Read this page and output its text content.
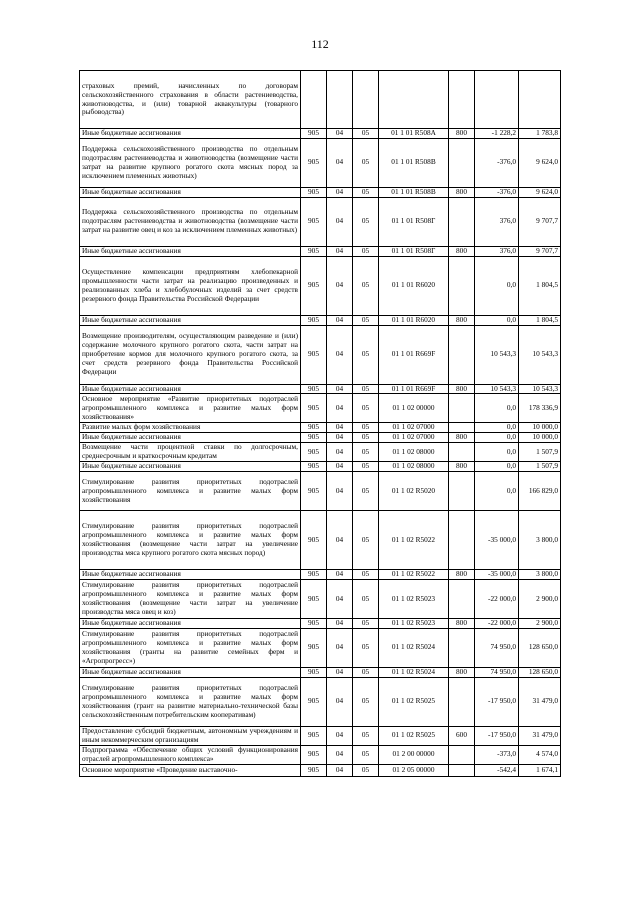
112
страховых премий, начисленных по договорам сельскохозяйственного страхования в области растениеводства, животноводства, и (или) товарной аквакультуры (товарного рыбоводства)							
Иные бюджетные ассигнования	905	04	05	01 1 01 R508А	800	-1 228,2	1 783,8
Поддержка сельскохозяйственного производства по отдельным подотраслям растениеводства и животноводства (возмещение части затрат на развитие крупного рогатого скота мясных пород за исключением племенных животных)	905	04	05	01 1 01 R508В		-376,0	9 624,0
Иные бюджетные ассигнования	905	04	05	01 1 01 R508В	800	-376,0	9 624,0
Поддержка сельскохозяйственного производства по отдельным подотраслям растениеводства и животноводства (возмещение части затрат на развитие овец и коз за исключением племенных животных)	905	04	05	01 1 01 R508Г		376,0	9 707,7
Иные бюджетные ассигнования	905	04	05	01 1 01 R508Г	800	376,0	9 707,7
Осуществление компенсации предприятиям хлебопекарной промышленности части затрат на реализацию произведенных и реализованных хлеба и хлебобулочных изделий за счет средств резервного фонда Правительства Российской Федерации	905	04	05	01 1 01 R6020		0,0	1 804,5
Иные бюджетные ассигнования	905	04	05	01 1 01 R6020	800	0,0	1 804,5
Возмещение производителям, осуществляющим разведение и (или) содержание молочного крупного рогатого скота, части затрат на приобретение кормов для молочного крупного рогатого скота, за счет средств резервного фонда Правительства Российской Федерации	905	04	05	01 1 01 R669F		10 543,3	10 543,3
Иные бюджетные ассигнования	905	04	05	01 1 01 R669F	800	10 543,3	10 543,3
Основное мероприятие «Развитие приоритетных подотраслей агропромышленного комплекса и развитие малых форм хозяйствования»	905	04	05	01 1 02 00000		0,0	178 336,9
Развитие малых форм хозяйствования	905	04	05	01 1 02 07000		0,0	10 000,0
Иные бюджетные ассигнования	905	04	05	01 1 02 07000	800	0,0	10 000,0
Возмещение части процентной ставки по долгосрочным, среднесрочным и краткосрочным кредитам	905	04	05	01 1 02 08000		0,0	1 507,9
Иные бюджетные ассигнования	905	04	05	01 1 02 08000	800	0,0	1 507,9
Стимулирование развития приоритетных подотраслей агропромышленного комплекса и развитие малых форм хозяйствования	905	04	05	01 1 02 R5020		0,0	166 829,0
Стимулирование развития приоритетных подотраслей агропромышленного комплекса и развитие малых форм хозяйствования (возмещение части затрат на увеличение производства мяса крупного рогатого скота мясных пород)	905	04	05	01 1 02 R5022		-35 000,0	3 800,0
Иные бюджетные ассигнования	905	04	05	01 1 02 R5022	800	-35 000,0	3 800,0
Стимулирование развития приоритетных подотраслей агропромышленного комплекса и развитие малых форм хозяйствования (возмещение части затрат на увеличение производства мяса овец и коз)	905	04	05	01 1 02 R5023		-22 000,0	2 900,0
Иные бюджетные ассигнования	905	04	05	01 1 02 R5023	800	-22 000,0	2 900,0
Стимулирование развития приоритетных подотраслей агропромышленного комплекса и развитие малых форм хозяйствования (гранты на развитие семейных ферм и «Агропрогресс»)	905	04	05	01 1 02 R5024		74 950,0	128 650,0
Иные бюджетные ассигнования	905	04	05	01 1 02 R5024	800	74 950,0	128 650,0
Стимулирование развития приоритетных подотраслей агропромышленного комплекса и развитие малых форм хозяйствования (грант на развитие материально-технической базы сельскохозяйственным потребительским кооперативам)	905	04	05	01 1 02 R5025		-17 950,0	31 479,0
Предоставление субсидий бюджетным, автономным учреждениям и иным некоммерческим организациям	905	04	05	01 1 02 R5025	600	-17 950,0	31 479,0
Подпрограмма «Обеспечение общих условий функционирования отраслей агропромышленного комплекса»	905	04	05	01 2 00 00000		-373,0	4 574,0
Основное мероприятие «Проведение выставочно-	905	04	05	01 2 05 00000		-542,4	1 674,1
